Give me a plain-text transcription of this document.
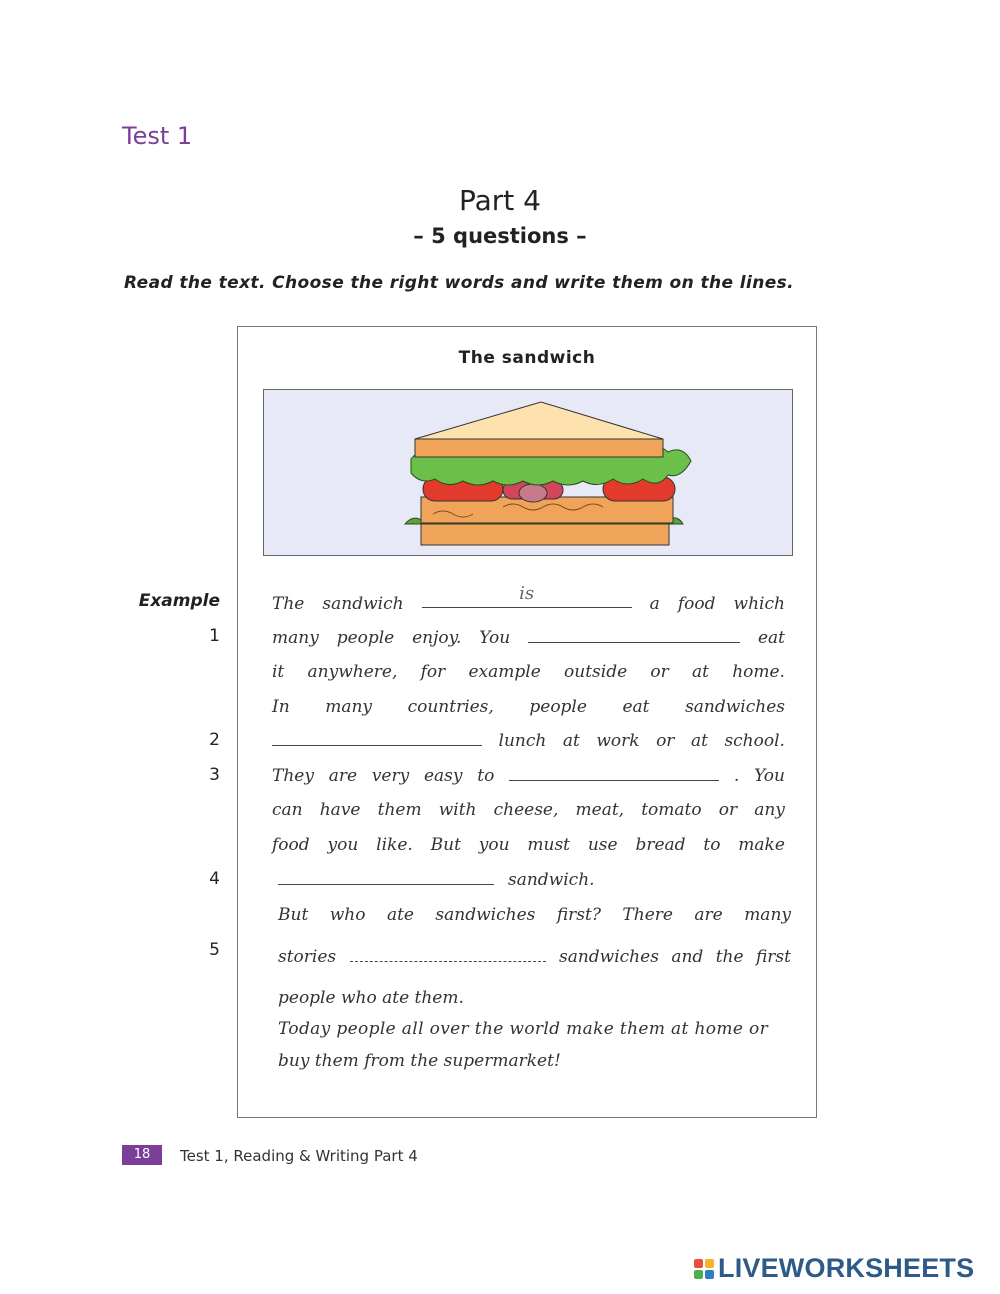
Test 1
Part 4
– 5 questions –
Read the text. Choose the right words and write them on the lines.
The sandwich
Example
1
2
3
4
5
The sandwich	is	a food which
many people enjoy. You	eat
it anywhere, for example outside or at home.
In many countries, people eat sandwiches
lunch at work or at school.
They are very easy to	. You
can have them with cheese, meat, tomato or any
food you like. But you must use bread to make
sandwich.
But who ate sandwiches first? There are many
stories	sandwiches and the first
people who ate them.
Today people all over the world make them at home or
buy them from the supermarket!
18	Test 1, Reading & Writing Part 4
LIVEWORKSHEETS
